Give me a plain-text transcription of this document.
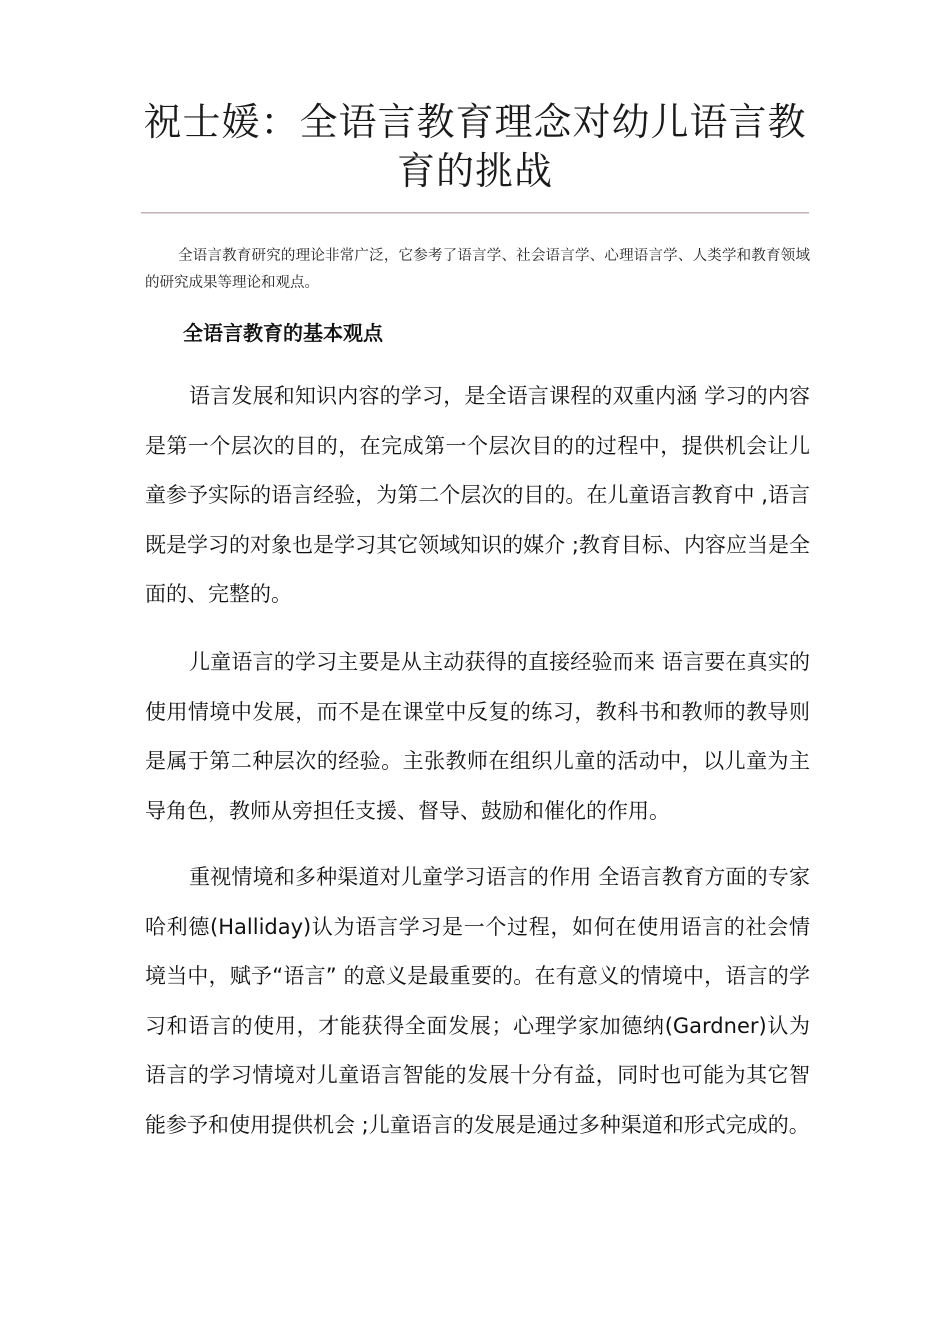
祝士媛：全语言教育理念对幼儿语言教育的挑战

全语言教育研究的理论非常广泛，它参考了语言学、社会语言学、心理语言学、人类学和教育领域的研究成果等理论和观点。

全语言教育的基本观点

语言发展和知识内容的学习，是全语言课程的双重内涵 学习的内容是第一个层次的目的，在完成第一个层次目的的过程中，提供机会让儿童参予实际的语言经验，为第二个层次的目的。在儿童语言教育中 ,语言既是学习的对象也是学习其它领域知识的媒介 ;教育目标、内容应当是全面的、完整的。

儿童语言的学习主要是从主动获得的直接经验而来 语言要在真实的使用情境中发展，而不是在课堂中反复的练习，教科书和教师的教导则是属于第二种层次的经验。主张教师在组织儿童的活动中，以儿童为主导角色，教师从旁担任支援、督导、鼓励和催化的作用。

重视情境和多种渠道对儿童学习语言的作用 全语言教育方面的专家哈利德(Halliday)认为语言学习是一个过程，如何在使用语言的社会情境当中，赋予“语言” 的意义是最重要的。在有意义的情境中，语言的学习和语言的使用，才能获得全面发展；心理学家加德纳(Gardner)认为语言的学习情境对儿童语言智能的发展十分有益，同时也可能为其它智能参予和使用提供机会 ;儿童语言的发展是通过多种渠道和形式完成的。
